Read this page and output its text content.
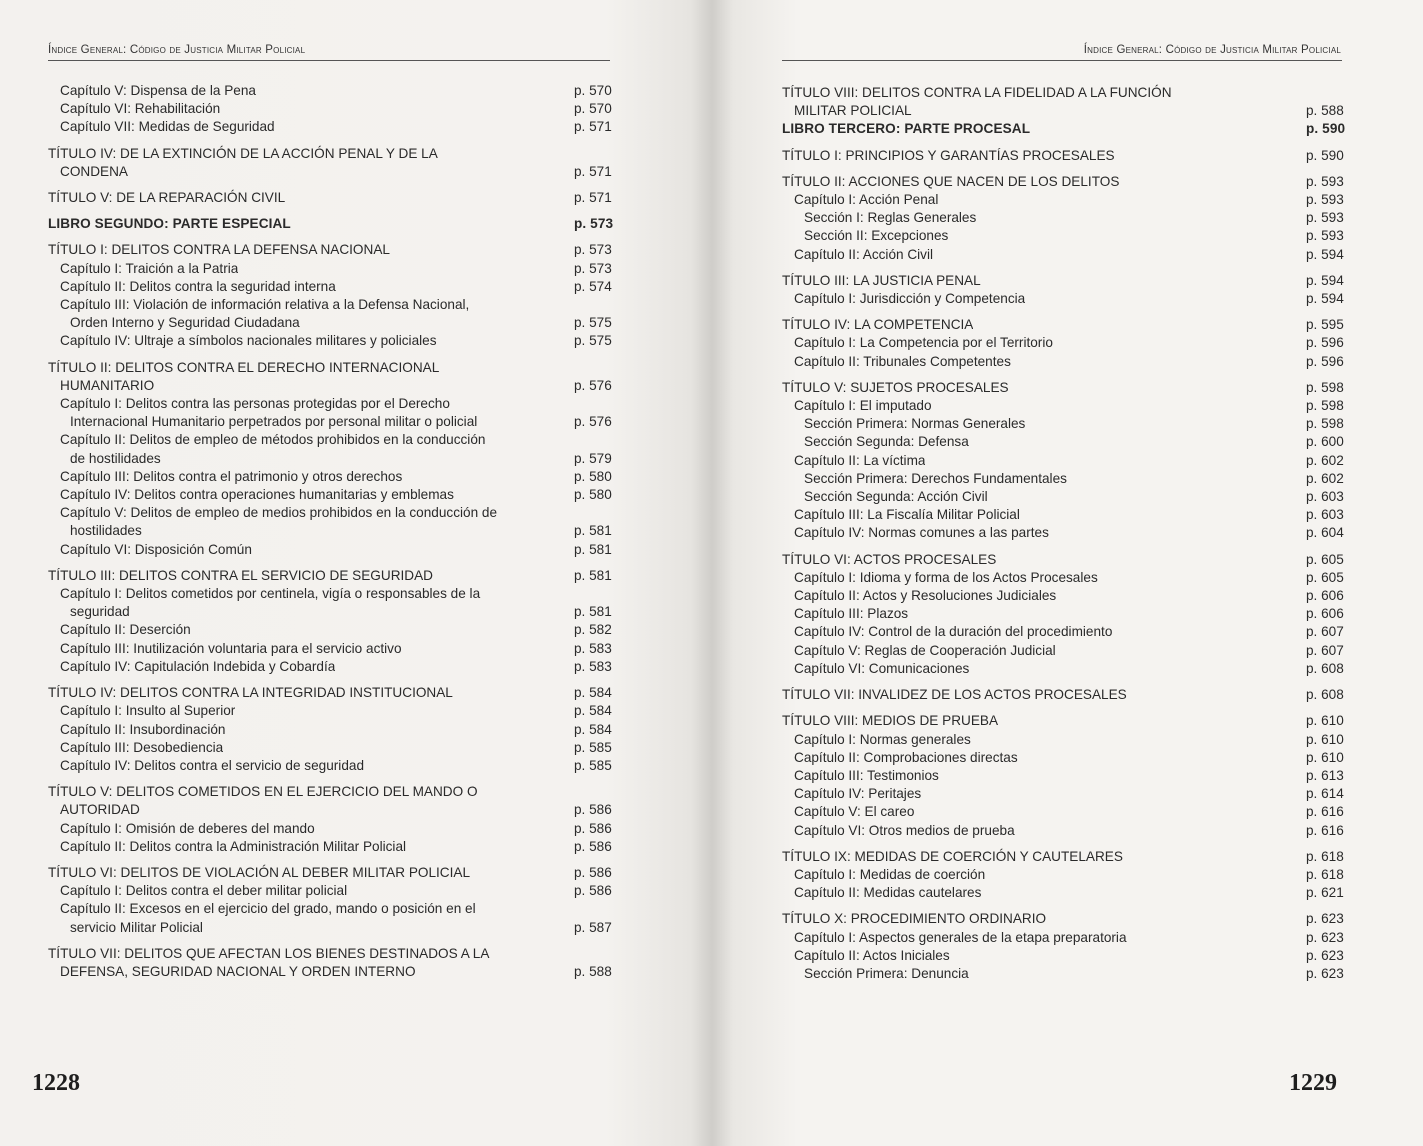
Índice General: Código de Justicia Militar Policial
Capítulo V: Dispensa de la Pena	p. 570
Capítulo VI: Rehabilitación	p. 570
Capítulo VII: Medidas de Seguridad	p. 571
TÍTULO IV: DE LA EXTINCIÓN DE LA ACCIÓN PENAL Y DE LA
CONDENA	p. 571
TÍTULO V: DE LA REPARACIÓN CIVIL	p. 571
LIBRO SEGUNDO: PARTE ESPECIAL	p. 573
TÍTULO I: DELITOS CONTRA LA DEFENSA NACIONAL	p. 573
Capítulo I: Traición a la Patria	p. 573
Capítulo II: Delitos contra la seguridad interna	p. 574
Capítulo III: Violación de información relativa a la Defensa Nacional,
Orden Interno y Seguridad Ciudadana	p. 575
Capítulo IV: Ultraje a símbolos nacionales militares y policiales	p. 575
TÍTULO II: DELITOS CONTRA EL DERECHO INTERNACIONAL
HUMANITARIO	p. 576
Capítulo I: Delitos contra las personas protegidas por el Derecho
Internacional Humanitario perpetrados por personal militar o policial	p. 576
Capítulo II: Delitos de empleo de métodos prohibidos en la conducción
de hostilidades	p. 579
Capítulo III: Delitos contra el patrimonio y otros derechos	p. 580
Capítulo IV: Delitos contra operaciones humanitarias y emblemas	p. 580
Capítulo V: Delitos de empleo de medios prohibidos en la conducción de
hostilidades	p. 581
Capítulo VI: Disposición Común	p. 581
TÍTULO III: DELITOS CONTRA EL SERVICIO DE SEGURIDAD	p. 581
Capítulo I: Delitos cometidos por centinela, vigía o responsables de la
seguridad	p. 581
Capítulo II: Deserción	p. 582
Capítulo III: Inutilización voluntaria para el servicio activo	p. 583
Capítulo IV: Capitulación Indebida y Cobardía	p. 583
TÍTULO IV: DELITOS CONTRA LA INTEGRIDAD INSTITUCIONAL	p. 584
Capítulo I: Insulto al Superior	p. 584
Capítulo II: Insubordinación	p. 584
Capítulo III: Desobediencia	p. 585
Capítulo IV: Delitos contra el servicio de seguridad	p. 585
TÍTULO V: DELITOS COMETIDOS EN EL EJERCICIO DEL MANDO O
AUTORIDAD	p. 586
Capítulo I: Omisión de deberes del mando	p. 586
Capítulo II: Delitos contra la Administración Militar Policial	p. 586
TÍTULO VI: DELITOS DE VIOLACIÓN AL DEBER MILITAR POLICIAL	p. 586
Capítulo I: Delitos contra el deber militar policial	p. 586
Capítulo II: Excesos en el ejercicio del grado, mando o posición en el
servicio Militar Policial	p. 587
TÍTULO VII: DELITOS QUE AFECTAN LOS BIENES DESTINADOS A LA
DEFENSA, SEGURIDAD NACIONAL Y ORDEN INTERNO	p. 588
1228
Índice General: Código de Justicia Militar Policial
TÍTULO VIII: DELITOS CONTRA LA FIDELIDAD A LA FUNCIÓN
MILITAR POLICIAL	p. 588
LIBRO TERCERO: PARTE PROCESAL	p. 590
TÍTULO I: PRINCIPIOS Y GARANTÍAS PROCESALES	p. 590
TÍTULO II: ACCIONES QUE NACEN DE LOS DELITOS	p. 593
Capítulo I: Acción Penal	p. 593
Sección I: Reglas Generales	p. 593
Sección II: Excepciones	p. 593
Capítulo II: Acción Civil	p. 594
TÍTULO III: LA JUSTICIA PENAL	p. 594
Capítulo I: Jurisdicción y Competencia	p. 594
TÍTULO IV: LA COMPETENCIA	p. 595
Capítulo I: La Competencia por el Territorio	p. 596
Capítulo II: Tribunales Competentes	p. 596
TÍTULO V: SUJETOS PROCESALES	p. 598
Capítulo I: El imputado	p. 598
Sección Primera: Normas Generales	p. 598
Sección Segunda: Defensa	p. 600
Capítulo II: La víctima	p. 602
Sección Primera: Derechos Fundamentales	p. 602
Sección Segunda: Acción Civil	p. 603
Capítulo III: La Fiscalía Militar Policial	p. 603
Capítulo IV: Normas comunes a las partes	p. 604
TÍTULO VI: ACTOS PROCESALES	p. 605
Capítulo I: Idioma y forma de los Actos Procesales	p. 605
Capítulo II: Actos y Resoluciones Judiciales	p. 606
Capítulo III: Plazos	p. 606
Capítulo IV: Control de la duración del procedimiento	p. 607
Capítulo V: Reglas de Cooperación Judicial	p. 607
Capítulo VI: Comunicaciones	p. 608
TÍTULO VII: INVALIDEZ DE LOS ACTOS PROCESALES	p. 608
TÍTULO VIII: MEDIOS DE PRUEBA	p. 610
Capítulo I: Normas generales	p. 610
Capítulo II: Comprobaciones directas	p. 610
Capítulo III: Testimonios	p. 613
Capítulo IV: Peritajes	p. 614
Capítulo V: El careo	p. 616
Capítulo VI: Otros medios de prueba	p. 616
TÍTULO IX: MEDIDAS DE COERCIÓN Y CAUTELARES	p. 618
Capítulo I: Medidas de coerción	p. 618
Capítulo II: Medidas cautelares	p. 621
TÍTULO X: PROCEDIMIENTO ORDINARIO	p. 623
Capítulo I: Aspectos generales de la etapa preparatoria	p. 623
Capítulo II: Actos Iniciales	p. 623
Sección Primera: Denuncia	p. 623
1229
